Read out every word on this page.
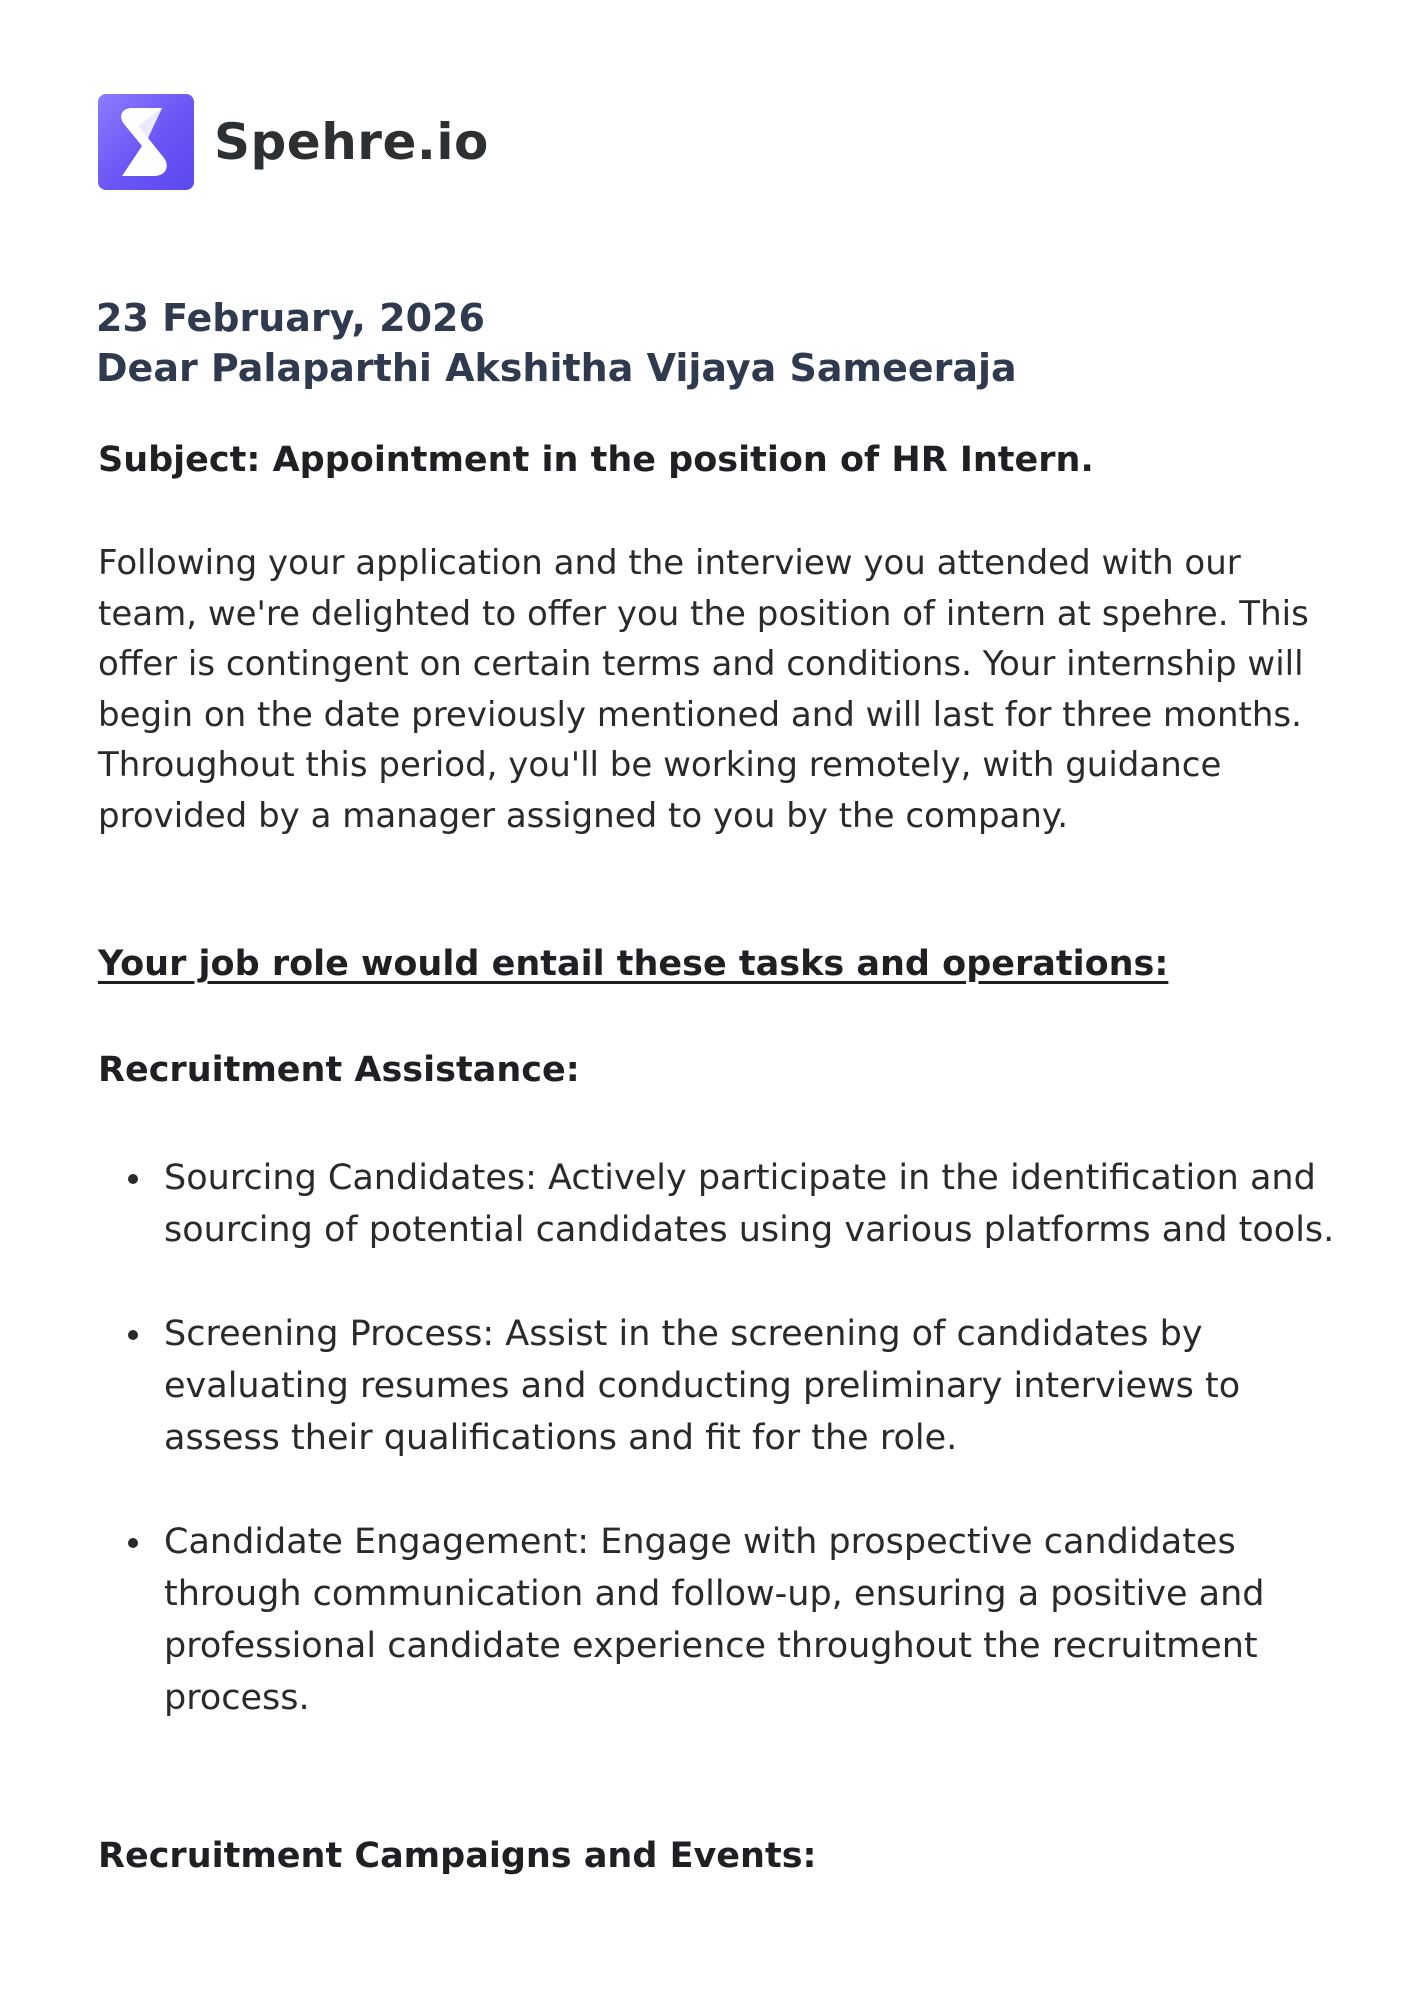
Spehre.io
23 February, 2026
Dear Palaparthi Akshitha Vijaya Sameeraja
Subject: Appointment in the position of HR Intern.

Following your application and the interview you attended with our team, we're delighted to offer you the position of intern at spehre. This offer is contingent on certain terms and conditions. Your internship will begin on the date previously mentioned and will last for three months. Throughout this period, you'll be working remotely, with guidance provided by a manager assigned to you by the company.

Your job role would entail these tasks and operations:
Recruitment Assistance:
Sourcing Candidates: Actively participate in the identification and sourcing of potential candidates using various platforms and tools.
Screening Process: Assist in the screening of candidates by evaluating resumes and conducting preliminary interviews to assess their qualifications and fit for the role.
Candidate Engagement: Engage with prospective candidates through communication and follow-up, ensuring a positive and professional candidate experience throughout the recruitment process.
Recruitment Campaigns and Events:
